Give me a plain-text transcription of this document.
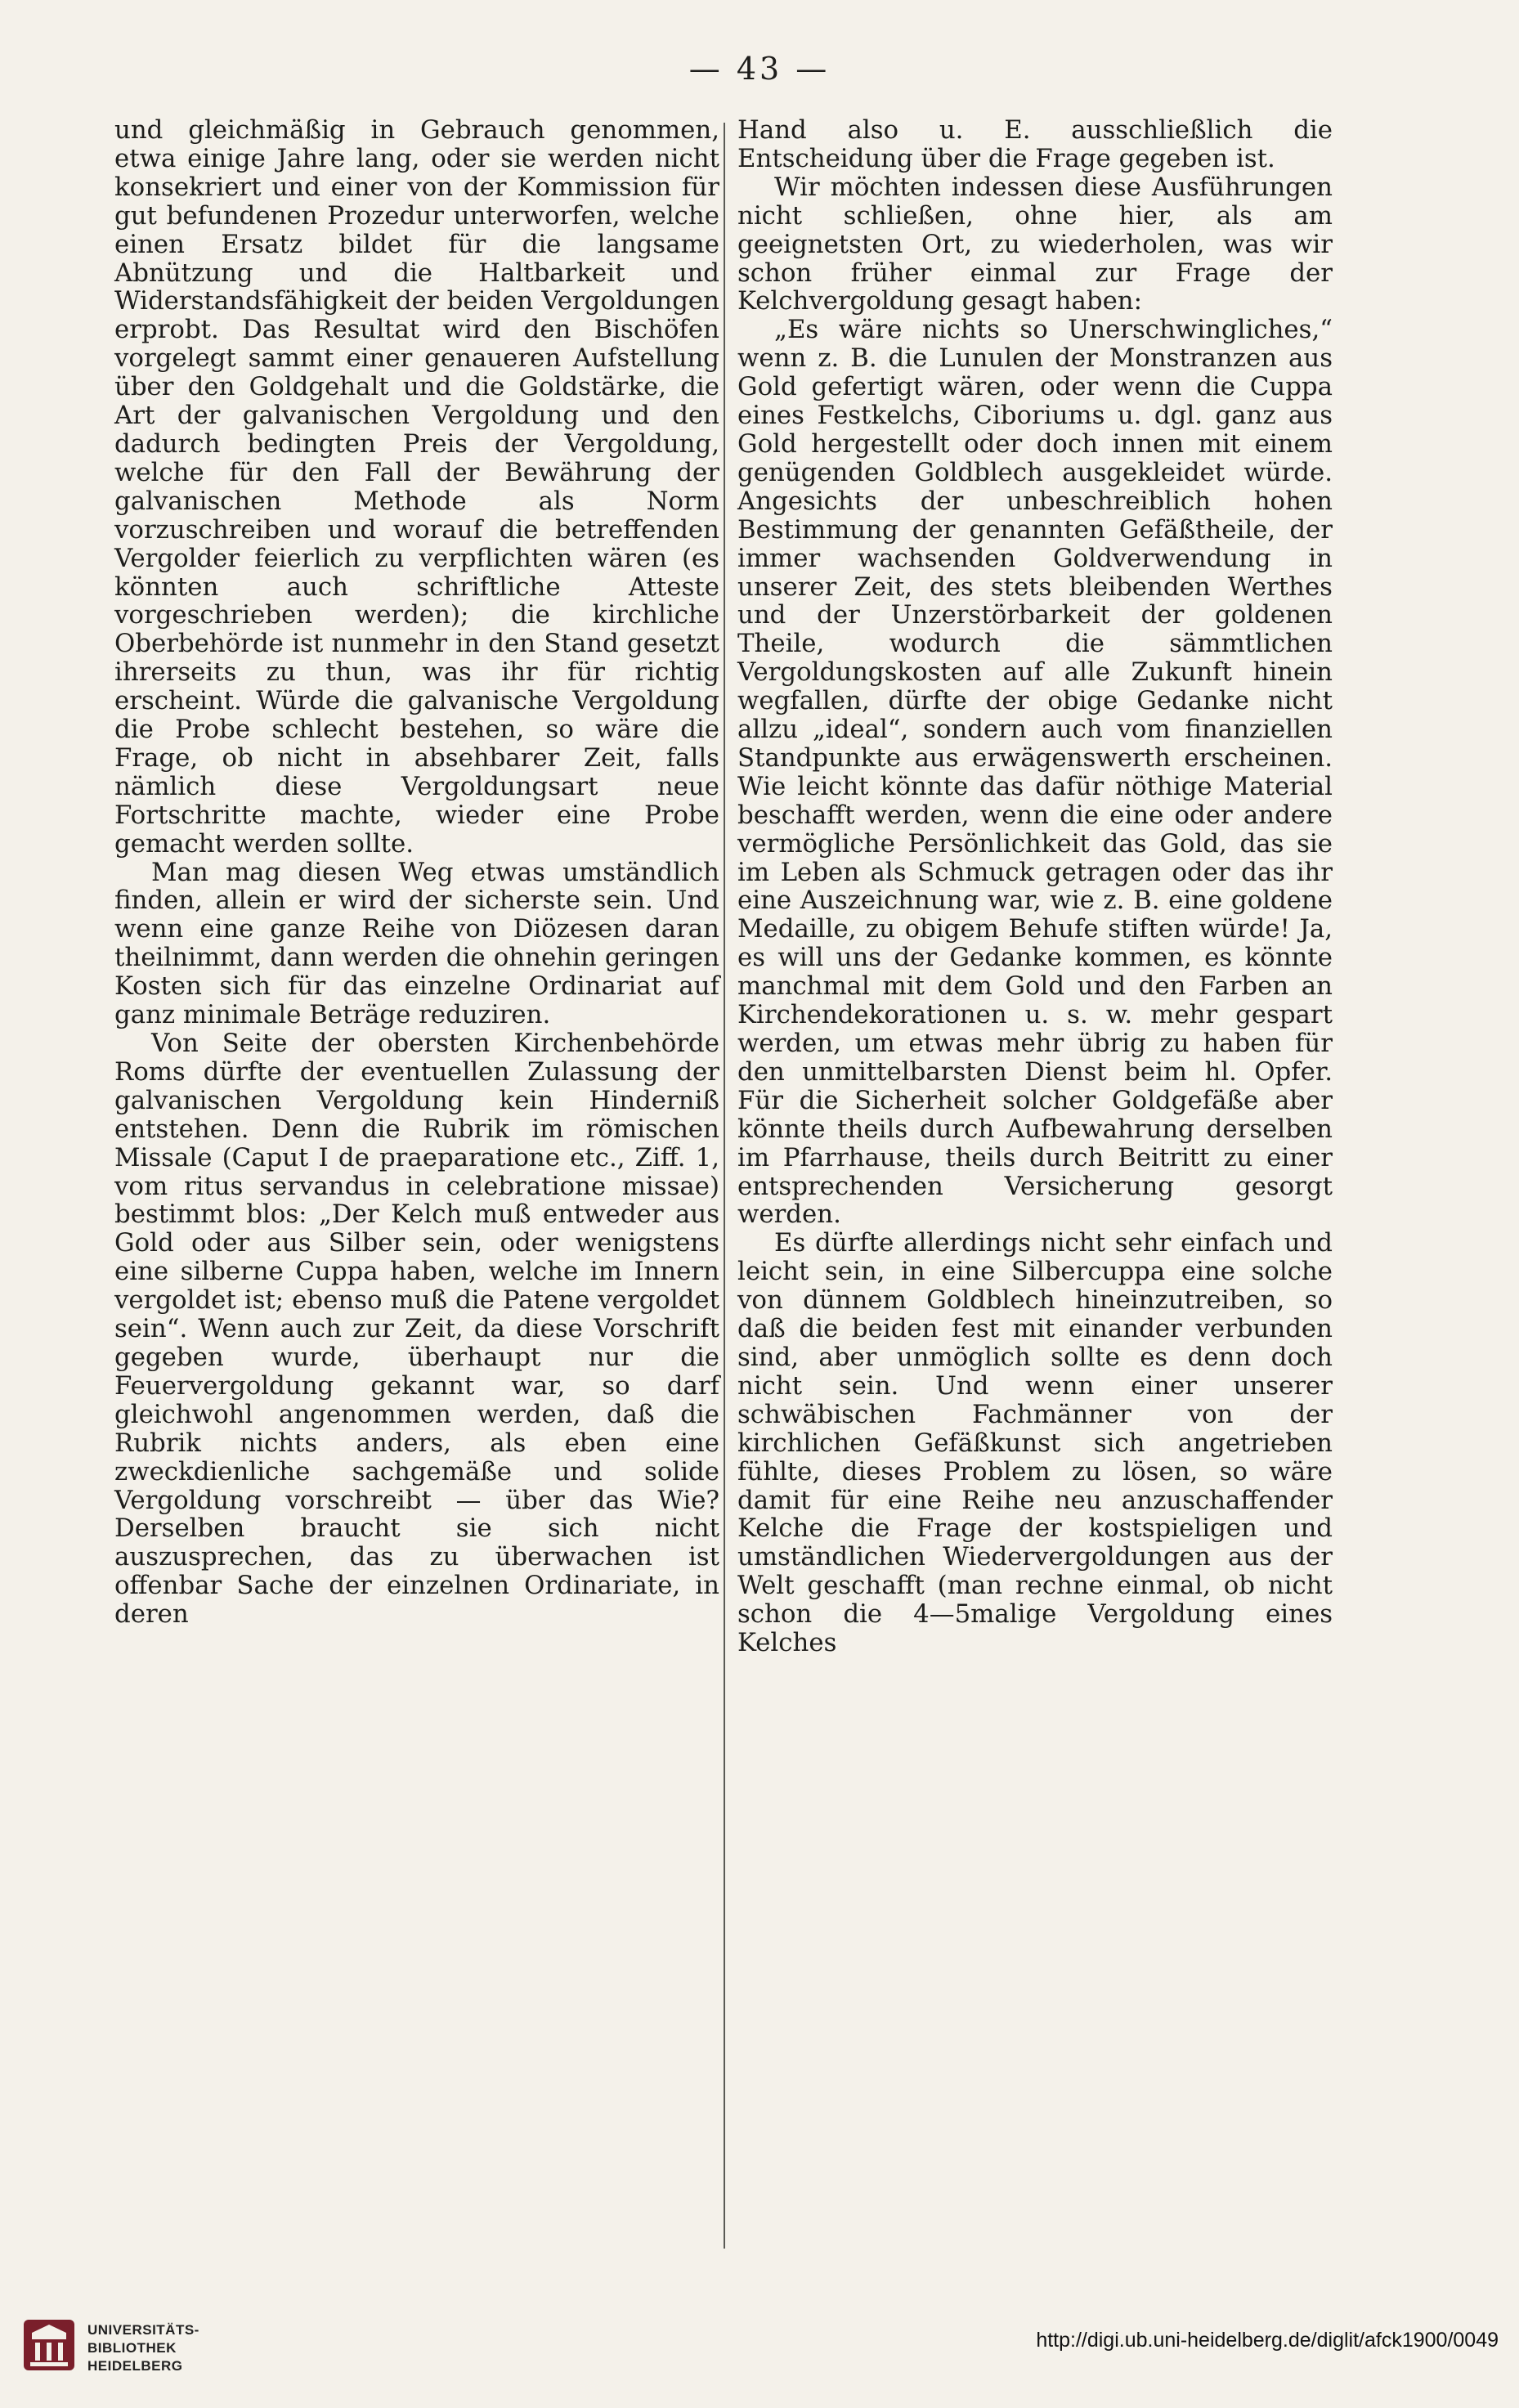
— 43 —

und gleichmäßig in Gebrauch genommen, etwa einige Jahre lang, oder sie werden nicht konsekriert und einer von der Kommission für gut befundenen Prozedur unterworfen, welche einen Ersatz bildet für die langsame Abnützung und die Haltbarkeit und Widerstandsfähigkeit der beiden Vergoldungen erprobt. Das Resultat wird den Bischöfen vorgelegt sammt einer genaueren Aufstellung über den Goldgehalt und die Goldstärke, die Art der galvanischen Vergoldung und den dadurch bedingten Preis der Vergoldung, welche für den Fall der Bewährung der galvanischen Methode als Norm vorzuschreiben und worauf die betreffenden Vergolder feierlich zu verpflichten wären (es könnten auch schriftliche Atteste vorgeschrieben werden); die kirchliche Oberbehörde ist nunmehr in den Stand gesetzt ihrerseits zu thun, was ihr für richtig erscheint. Würde die galvanische Vergoldung die Probe schlecht bestehen, so wäre die Frage, ob nicht in absehbarer Zeit, falls nämlich diese Vergoldungsart neue Fortschritte machte, wieder eine Probe gemacht werden sollte.

Man mag diesen Weg etwas umständlich finden, allein er wird der sicherste sein. Und wenn eine ganze Reihe von Diözesen daran theilnimmt, dann werden die ohnehin geringen Kosten sich für das einzelne Ordinariat auf ganz minimale Beträge reduziren.

Von Seite der obersten Kirchenbehörde Roms dürfte der eventuellen Zulassung der galvanischen Vergoldung kein Hinderniß entstehen. Denn die Rubrik im römischen Missale (Caput I de praeparatione etc., Ziff. 1, vom ritus servandus in celebratione missae) bestimmt blos: „Der Kelch muß entweder aus Gold oder aus Silber sein, oder wenigstens eine silberne Cuppa haben, welche im Innern vergoldet ist; ebenso muß die Patene vergoldet sein“. Wenn auch zur Zeit, da diese Vorschrift gegeben wurde, überhaupt nur die Feuervergoldung gekannt war, so darf gleichwohl angenommen werden, daß die Rubrik nichts anders, als eben eine zweckdienliche sachgemäße und solide Vergoldung vorschreibt — über das Wie? Derselben braucht sie sich nicht auszusprechen, das zu überwachen ist offenbar Sache der einzelnen Ordinariate, in deren

Hand also u. E. ausschließlich die Entscheidung über die Frage gegeben ist.

Wir möchten indessen diese Ausführungen nicht schließen, ohne hier, als am geeignetsten Ort, zu wiederholen, was wir schon früher einmal zur Frage der Kelchvergoldung gesagt haben:

„Es wäre nichts so Unerschwingliches,“ wenn z. B. die Lunulen der Monstranzen aus Gold gefertigt wären, oder wenn die Cuppa eines Festkelchs, Ciboriums u. dgl. ganz aus Gold hergestellt oder doch innen mit einem genügenden Goldblech ausgekleidet würde. Angesichts der unbeschreiblich hohen Bestimmung der genannten Gefäßtheile, der immer wachsenden Goldverwendung in unserer Zeit, des stets bleibenden Werthes und der Unzerstörbarkeit der goldenen Theile, wodurch die sämmtlichen Vergoldungskosten auf alle Zukunft hinein wegfallen, dürfte der obige Gedanke nicht allzu „ideal“, sondern auch vom finanziellen Standpunkte aus erwägenswerth erscheinen. Wie leicht könnte das dafür nöthige Material beschafft werden, wenn die eine oder andere vermögliche Persönlichkeit das Gold, das sie im Leben als Schmuck getragen oder das ihr eine Auszeichnung war, wie z. B. eine goldene Medaille, zu obigem Behufe stiften würde! Ja, es will uns der Gedanke kommen, es könnte manchmal mit dem Gold und den Farben an Kirchendekorationen u. s. w. mehr gespart werden, um etwas mehr übrig zu haben für den unmittelbarsten Dienst beim hl. Opfer. Für die Sicherheit solcher Goldgefäße aber könnte theils durch Aufbewahrung derselben im Pfarrhause, theils durch Beitritt zu einer entsprechenden Versicherung gesorgt werden.

Es dürfte allerdings nicht sehr einfach und leicht sein, in eine Silbercuppa eine solche von dünnem Goldblech hineinzutreiben, so daß die beiden fest mit einander verbunden sind, aber unmöglich sollte es denn doch nicht sein. Und wenn einer unserer schwäbischen Fachmänner von der kirchlichen Gefäßkunst sich angetrieben fühlte, dieses Problem zu lösen, so wäre damit für eine Reihe neu anzuschaffender Kelche die Frage der kostspieligen und umständlichen Wiedervergoldungen aus der Welt geschafft (man rechne einmal, ob nicht schon die 4—5malige Vergoldung eines Kelches

UNIVERSITÄTS-
BIBLIOTHEK
HEIDELBERG
http://digi.ub.uni-heidelberg.de/diglit/afck1900/0049
